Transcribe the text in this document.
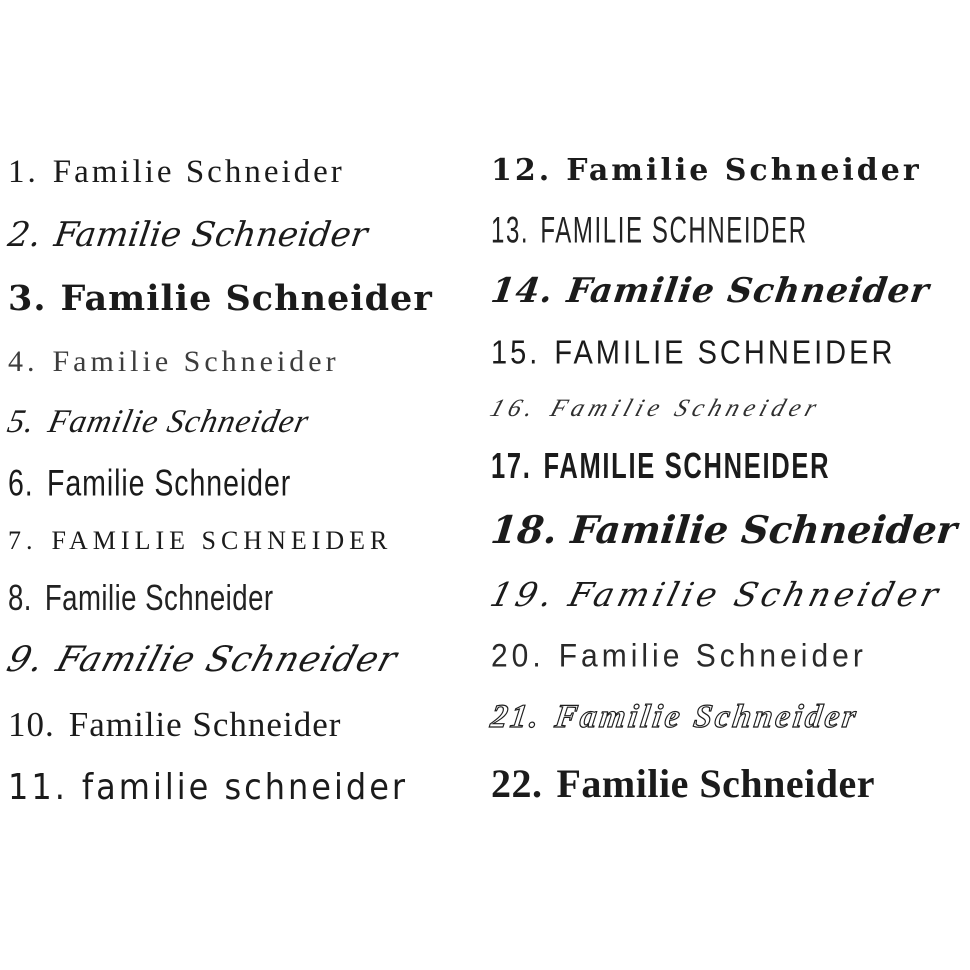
1. Familie Schneider
2. Familie Schneider
3. Familie Schneider
4. Familie Schneider
5. Familie Schneider
6. Familie Schneider
7. FAMILIE SCHNEIDER
8. Familie Schneider
9. Familie Schneider
10. Familie Schneider
11. familie schneider
12. Familie Schneider
13. FAMILIE SCHNEIDER
14. Familie Schneider
15. FAMILIE SCHNEIDER
16. Familie Schneider
17. FAMILIE SCHNEIDER
18. Familie Schneider
19. Familie Schneider
20. Familie Schneider
21. Familie Schneider
22. Familie Schneider
